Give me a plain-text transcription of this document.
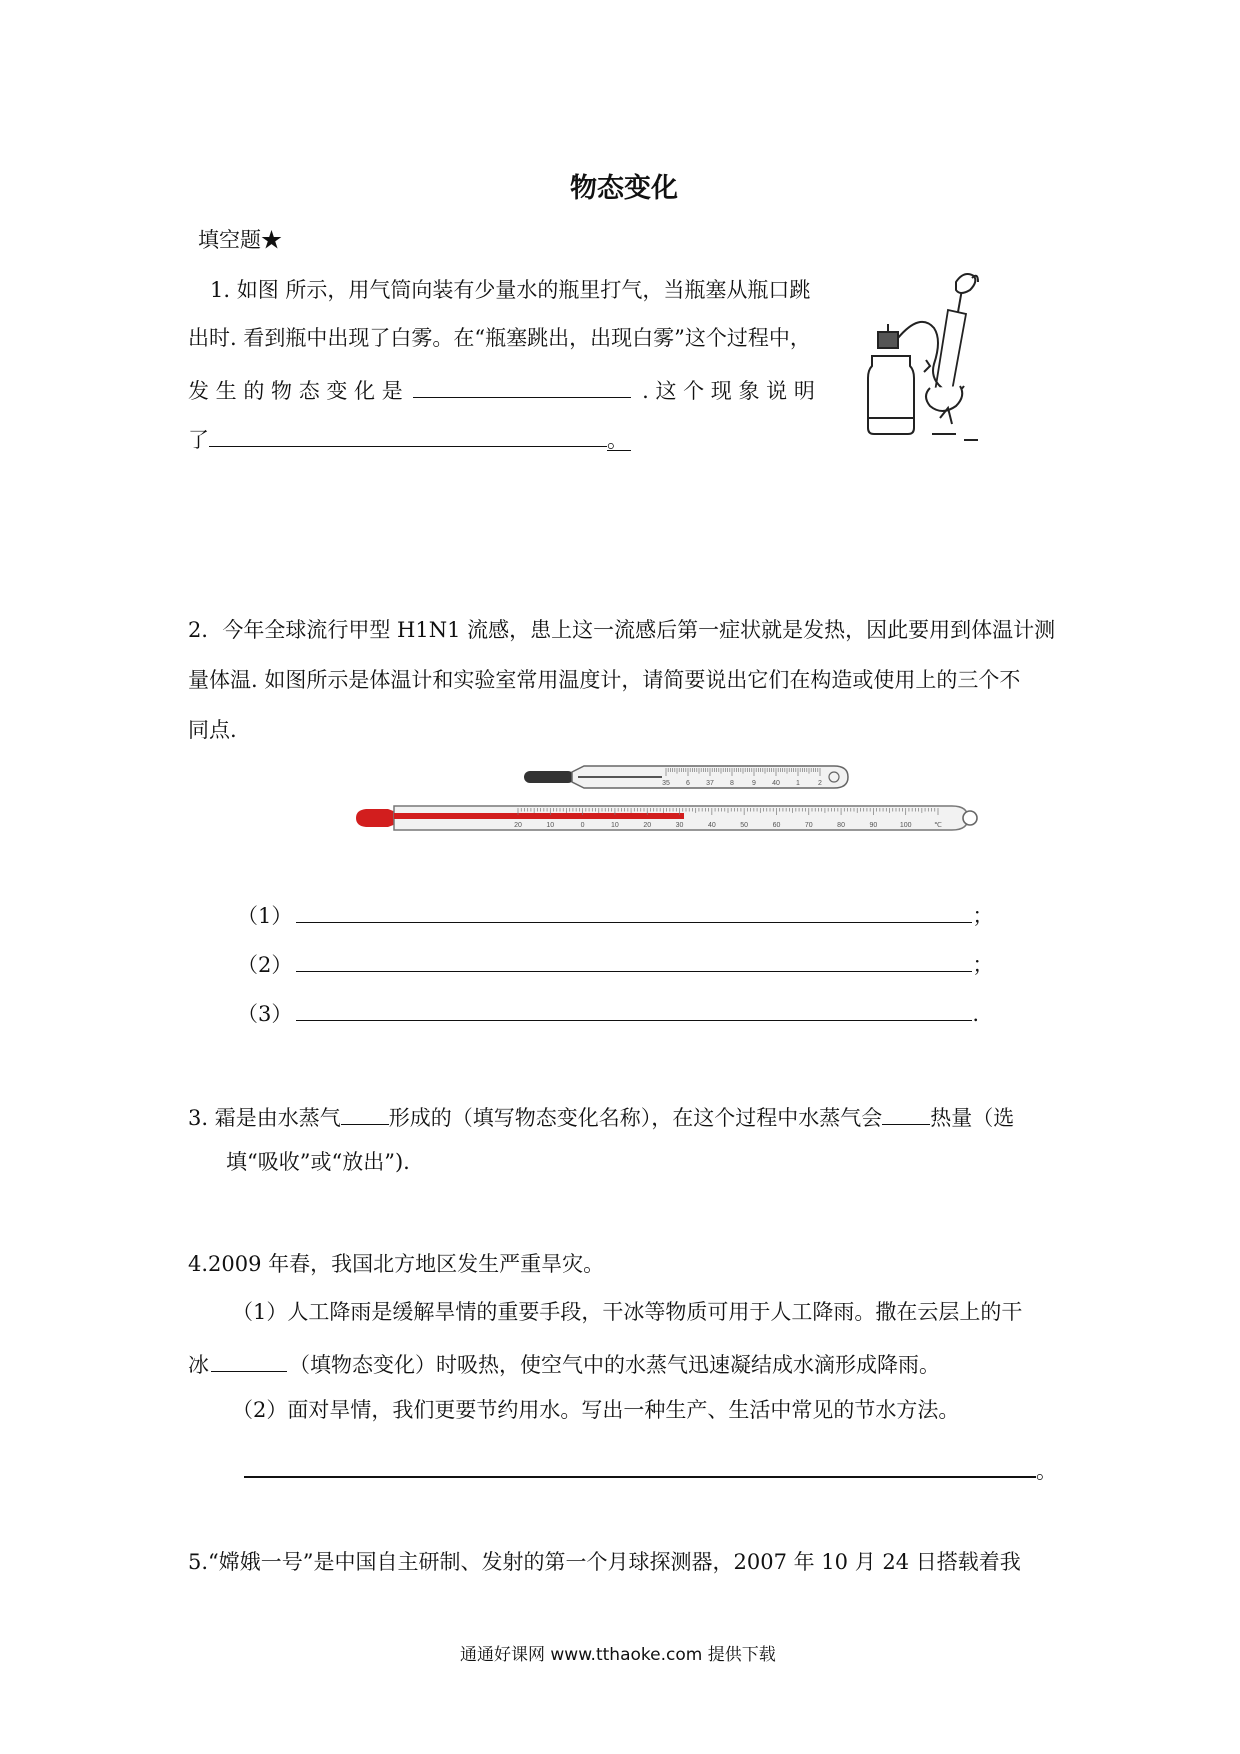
物态变化
填空题★
1. 如图 所示，用气筒向装有少量水的瓶里打气，当瓶塞从瓶口跳
出时. 看到瓶中出现了白雾。在“瓶塞跳出，出现白雾”这个过程中，
发 生 的 物 态 变 化 是	. 这 个 现 象 说 明
了	。
2．今年全球流行甲型 H1N1 流感，患上这一流感后第一症状就是发热，因此要用到体温计测
量体温. 如图所示是体温计和实验室常用温度计，请简要说出它们在构造或使用上的三个不
同点.
35 6 37 8	9 40 1	2
20	10	0	10	20	30	40	50	60	70	80	90	100	℃
（1）	；
（2）	；
（3）	.
3. 霜是由水蒸气 形成的（填写物态变化名称），在这个过程中水蒸气会 热量（选
填“吸收”或“放出”).
4.2009 年春，我国北方地区发生严重旱灾。
（1）人工降雨是缓解旱情的重要手段，干冰等物质可用于人工降雨。撒在云层上的干
冰	（填物态变化）时吸热，使空气中的水蒸气迅速凝结成水滴形成降雨。
（2）面对旱情，我们更要节约用水。写出一种生产、生活中常见的节水方法。
。
5.“嫦娥一号”是中国自主研制、发射的第一个月球探测器，2007 年 10 月 24 日搭载着我
通通好课网 www.tthaoke.com 提供下载
